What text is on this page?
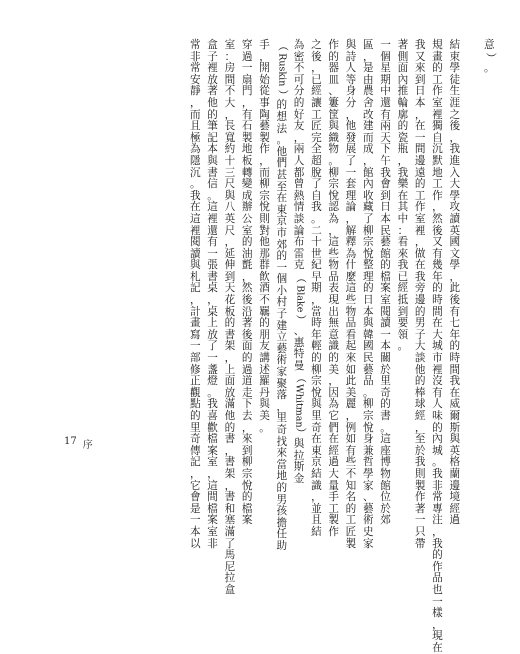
意
）
。
結
束
學
徒
生
涯
之
後
，
我
進
入
大
學
攻
讀
英
國
文
學
，
此
後
有
七
年
的
時
間
我
在
威
爾
斯
與
英
格
蘭
邊
境
經
過
規
畫
的
工
作
室
裡
獨
自
沉
默
地
工
作
，
然
後
又
有
幾
年
的
時
間
在
大
城
市
裡
沒
有
人
味
的
內
城
。
我
非
常
專
注
，
我
的
作
品
也
一
樣
，
現
在
我
又
來
到
日
本
，
在
一
間
邊
遠
的
工
作
室
裡
，
做
在
我
旁
邊
的
男
子
大
談
他
的
棒
球
經
，
至
於
我
則
製
作
著
一
只
帶
著
側
面
內
推
輪
廓
的
瓷
瓶
，
我
樂
在
其
中
：
看
來
我
已
經
抵
到
要
領
。
一
個
星
期
中
還
有
兩
天
下
午
我
會
到
日
本
民
藝
館
的
檔
案
室
閱
讀
一
本
關
於
里
奇
的
書
。
這
座
博
物
館
位
於
郊
區
，
是
由
農
舍
改
建
而
成
，
館
內
收
藏
了
柳
宗
悅
整
理
的
日
本
與
韓
國
民
藝
品
。
柳
宗
悅
身
兼
哲
學
家
、
藝
術
史
家
與
詩
人
等
身
分
，
他
發
展
了
一
套
理
論
，
解
釋
為
什
麼
這
些
物
品
看
起
來
如
此
美
麗
，
例
如
有
些
不
知
名
的
工
匠
製
作
的
器
皿
、
簍
筐
與
織
物
。
柳
宗
悅
認
為
，
這
些
物
品
表
現
出
無
意
識
的
美
，
因
為
它
們
在
經
過
大
量
手
工
製
作
之
後
，
已
經
讓
工
匠
完
全
超
脫
了
自
我
。
二
十
世
紀
早
期
，
當
時
年
輕
的
柳
宗
悅
與
里
奇
在
東
京
結
識
，
並
且
結
為
密
不
可
分
的
好
友
，
兩
人
都
曾
熱
情
談
論
布
雷
克
（
Blake
）
、
惠
特
曼
（
Whitman
）
與
拉
斯
金
（
Ruskin
）
的
想
法
。
他
們
甚
至
在
東
京
市
郊
的
一
個
小
村
子
建
立
藝
術
家
聚
落
，
里
奇
找
來
當
地
的
男
孩
擔
任
助
手
，
開
始
從
事
陶
藝
製
作
，
而
柳
宗
悅
則
對
他
那
群
飲
酒
不
羈
的
朋
友
講
述
羅
丹
與
美
。
穿
過
一
扇
門
，
有
石
製
地
板
轉
變
成
辦
公
室
的
油
氈
，
然
後
沿
著
後
面
的
過
道
走
下
去
，
來
到
柳
宗
悅
的
檔
案
室
：
房
間
不
大
，
長
寬
約
十
三
尺
與
八
英
尺
，
延
伸
到
天
花
板
的
書
架
，
上
面
放
滿
他
的
書
，
書
架
，
書
和
塞
滿
了
馬
尼
拉
盒
盒
子
裡
放
著
他
的
筆
記
本
與
書
信
。
這
裡
還
有
一
張
書
桌
，
桌
上
放
了
一
盞
燈
。
我
喜
歡
檔
案
室
，
這
間
檔
案
室
非
常
非
常
安
靜
，
而
且
極
為
隱
沉
。
我
在
這
裡
閱
讀
與
札
記
，
計
畫
寫
一
部
修
正
觀
點
的
里
奇
傳
記
，
它
會
是
一
本
以
17 序
